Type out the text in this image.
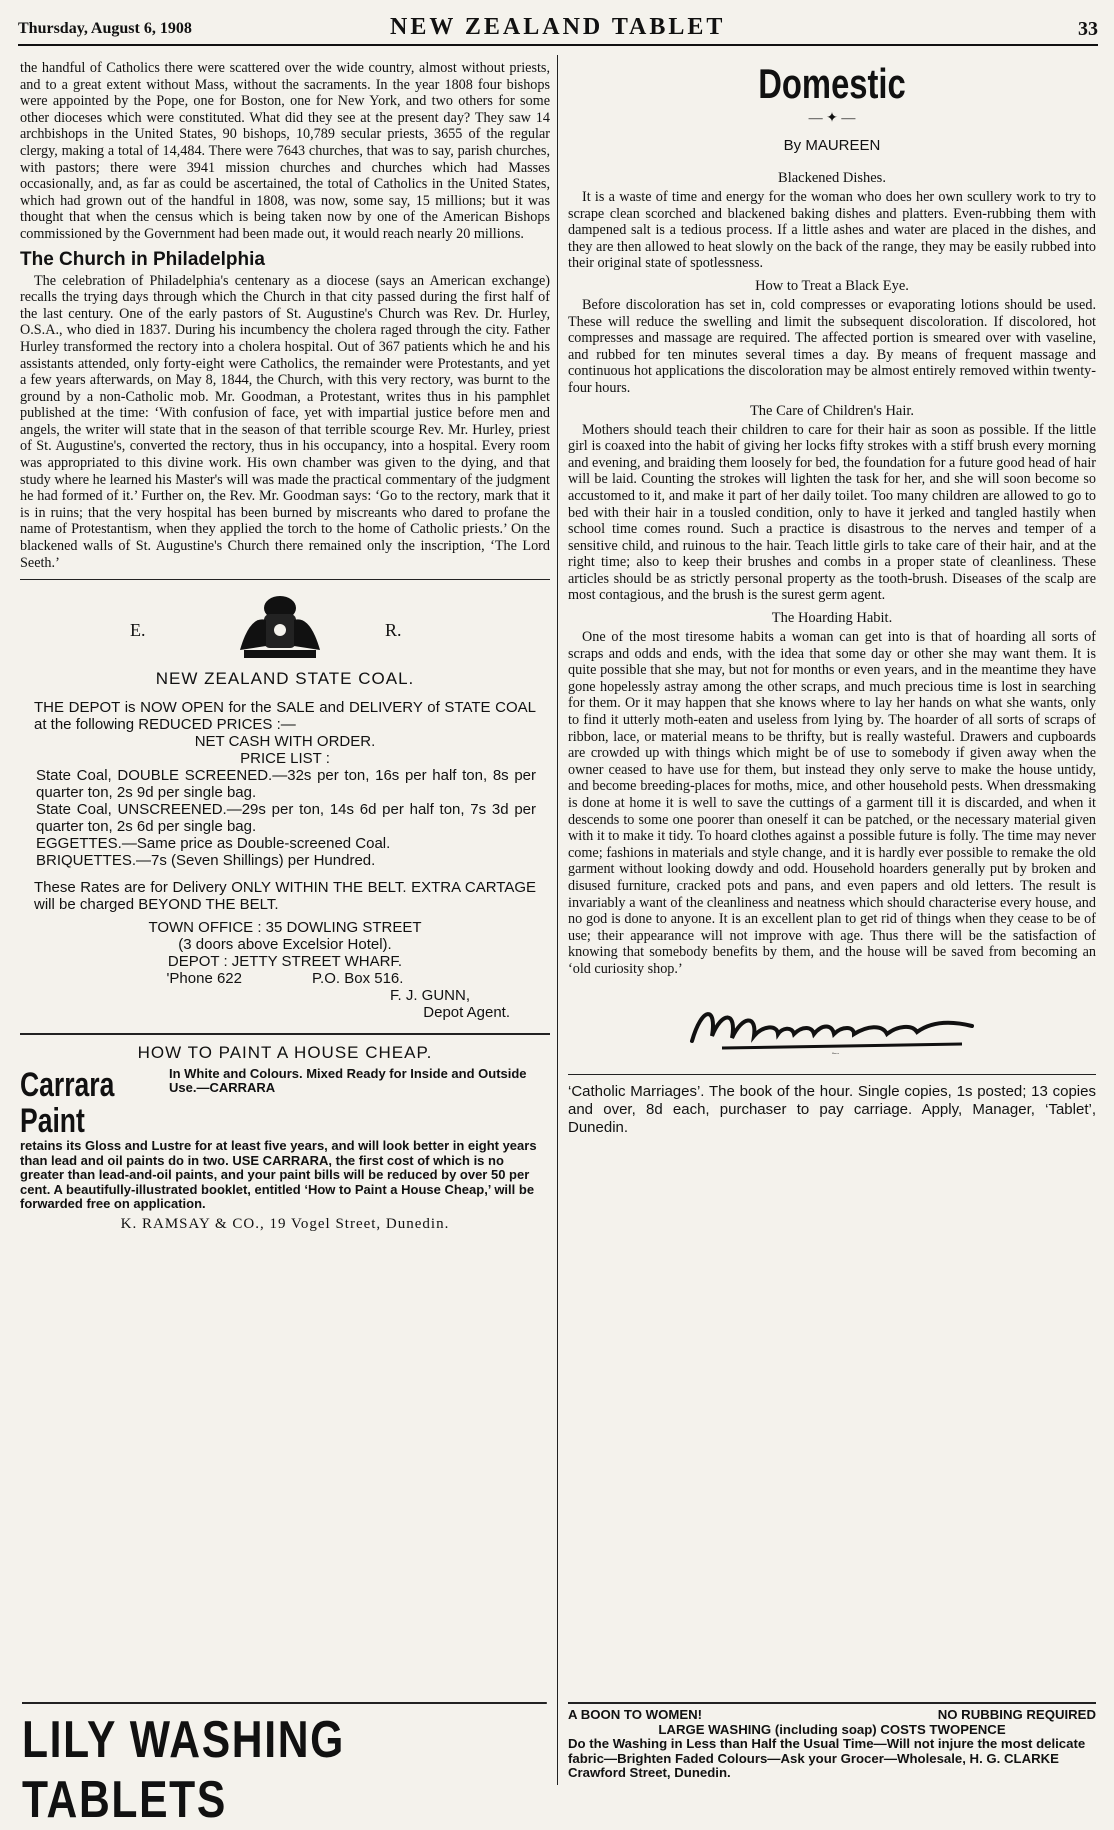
Thursday, August 6, 1908	NEW ZEALAND TABLET	33

the handful of Catholics there were scattered over the wide country, almost without priests, and to a great extent without Mass, without the sacraments. In the year 1808 four bishops were appointed by the Pope, one for Boston, one for New York, and two others for some other dioceses which were constituted. What did they see at the present day? They saw 14 archbishops in the United States, 90 bishops, 10,789 secular priests, 3655 of the regular clergy, making a total of 14,484. There were 7643 churches, that was to say, parish churches, with pastors; there were 3941 mission churches and churches which had Masses occasionally, and, as far as could be ascertained, the total of Catholics in the United States, which had grown out of the handful in 1808, was now, some say, 15 millions; but it was thought that when the census which is being taken now by one of the American Bishops commissioned by the Government had been made out, it would reach nearly 20 millions.

The Church in Philadelphia

The celebration of Philadelphia's centenary as a diocese (says an American exchange) recalls the trying days through which the Church in that city passed during the first half of the last century. One of the early pastors of St. Augustine's Church was Rev. Dr. Hurley, O.S.A., who died in 1837. During his incumbency the cholera raged through the city. Father Hurley transformed the rectory into a cholera hospital. Out of 367 patients which he and his assistants attended, only forty-eight were Catholics, the remainder were Protestants, and yet a few years afterwards, on May 8, 1844, the Church, with this very rectory, was burnt to the ground by a non-Catholic mob. Mr. Goodman, a Protestant, writes thus in his pamphlet published at the time: ‘With confusion of face, yet with impartial justice before men and angels, the writer will state that in the season of that terrible scourge Rev. Mr. Hurley, priest of St. Augustine's, converted the rectory, thus in his occupancy, into a hospital. Every room was appropriated to this divine work. His own chamber was given to the dying, and that study where he learned his Master's will was made the practical commentary of the judgment he had formed of it.’ Further on, the Rev. Mr. Goodman says: ‘Go to the rectory, mark that it is in ruins; that the very hospital has been burned by miscreants who dared to profane the name of Protestantism, when they applied the torch to the home of Catholic priests.’ On the blackened walls of St. Augustine's Church there remained only the inscription, ‘The Lord Seeth.’

E.	R.
NEW ZEALAND STATE COAL.
THE DEPOT is NOW OPEN for the SALE and DELIVERY of STATE COAL at the following REDUCED PRICES :—
NET CASH WITH ORDER.
PRICE LIST :
State Coal, DOUBLE SCREENED.—32s per ton, 16s per half ton, 8s per quarter ton, 2s 9d per single bag.
State Coal, UNSCREENED.—29s per ton, 14s 6d per half ton, 7s 3d per quarter ton, 2s 6d per single bag.
EGGETTES.—Same price as Double-screened Coal.
BRIQUETTES.—7s (Seven Shillings) per Hundred.
These Rates are for Delivery ONLY WITHIN THE BELT. EXTRA CARTAGE will be charged BEYOND THE BELT.
TOWN OFFICE : 35 DOWLING STREET
(3 doors above Excelsior Hotel).
DEPOT : JETTY STREET WHARF.
'Phone 622	P.O. Box 516.
F. J. GUNN,
Depot Agent.
HOW TO PAINT A HOUSE CHEAP.
Carrara Paint In White and Colours. Mixed Ready for Inside and Outside Use.—CARRARA
retains its Gloss and Lustre for at least five years, and will look better in eight years than lead and oil paints do in two. USE CARRARA, the first cost of which is no greater than lead-and-oil paints, and your paint bills will be reduced by over 50 per cent. A beautifully-illustrated booklet, entitled ‘How to Paint a House Cheap,’ will be forwarded free on application.
K. RAMSAY & CO., 19 Vogel Street, Dunedin.
LILY WASHING TABLETS
Domestic
— ✦ —
By MAUREEN
Blackened Dishes.

It is a waste of time and energy for the woman who does her own scullery work to try to scrape clean scorched and blackened baking dishes and platters. Even-rubbing them with dampened salt is a tedious process. If a little ashes and water are placed in the dishes, and they are then allowed to heat slowly on the back of the range, they may be easily rubbed into their original state of spotlessness.

How to Treat a Black Eye.

Before discoloration has set in, cold compresses or evaporating lotions should be used. These will reduce the swelling and limit the subsequent discoloration. If discolored, hot compresses and massage are required. The affected portion is smeared over with vaseline, and rubbed for ten minutes several times a day. By means of frequent massage and continuous hot applications the discoloration may be almost entirely removed within twenty-four hours.

The Care of Children's Hair.

Mothers should teach their children to care for their hair as soon as possible. If the little girl is coaxed into the habit of giving her locks fifty strokes with a stiff brush every morning and evening, and braiding them loosely for bed, the foundation for a future good head of hair will be laid. Counting the strokes will lighten the task for her, and she will soon become so accustomed to it, and make it part of her daily toilet. Too many children are allowed to go to bed with their hair in a tousled condition, only to have it jerked and tangled hastily when school time comes round. Such a practice is disastrous to the nerves and temper of a sensitive child, and ruinous to the hair. Teach little girls to take care of their hair, and at the right time; also to keep their brushes and combs in a proper state of cleanliness. These articles should be as strictly personal property as the tooth-brush. Diseases of the scalp are most contagious, and the brush is the surest germ agent.

The Hoarding Habit.

One of the most tiresome habits a woman can get into is that of hoarding all sorts of scraps and odds and ends, with the idea that some day or other she may want them. It is quite possible that she may, but not for months or even years, and in the meantime they have gone hopelessly astray among the other scraps, and much precious time is lost in searching for them. Or it may happen that she knows where to lay her hands on what she wants, only to find it utterly moth-eaten and useless from lying by. The hoarder of all sorts of scraps of ribbon, lace, or material means to be thrifty, but is really wasteful. Drawers and cupboards are crowded up with things which might be of use to somebody if given away when the owner ceased to have use for them, but instead they only serve to make the house untidy, and become breeding-places for moths, mice, and other household pests. When dressmaking is done at home it is well to save the cuttings of a garment till it is discarded, and when it descends to some one poorer than oneself it can be patched, or the necessary material given with it to make it tidy. To hoard clothes against a possible future is folly. The time may never come; fashions in materials and style change, and it is hardly ever possible to remake the old garment without looking dowdy and odd. Household hoarders generally put by broken and disused furniture, cracked pots and pans, and even papers and old letters. The result is invariably a want of the cleanliness and neatness which should characterise every house, and no god is done to anyone. It is an excellent plan to get rid of things when they cease to be of use; their appearance will not improve with age. Thus there will be the satisfaction of knowing that somebody benefits by them, and the house will be saved from becoming an ‘old curiosity shop.’

Maureen
‘Catholic Marriages’. The book of the hour. Single copies, 1s posted; 13 copies and over, 8d each, purchaser to pay carriage. Apply, Manager, ‘Tablet’, Dunedin.
A BOON TO WOMEN!	NO RUBBING REQUIRED
LARGE WASHING (including soap) COSTS TWOPENCE
Do the Washing in Less than Half the Usual Time—Will not injure the most delicate fabric—Brighten Faded Colours—Ask your Grocer—Wholesale, H. G. CLARKE Crawford Street, Dunedin.
